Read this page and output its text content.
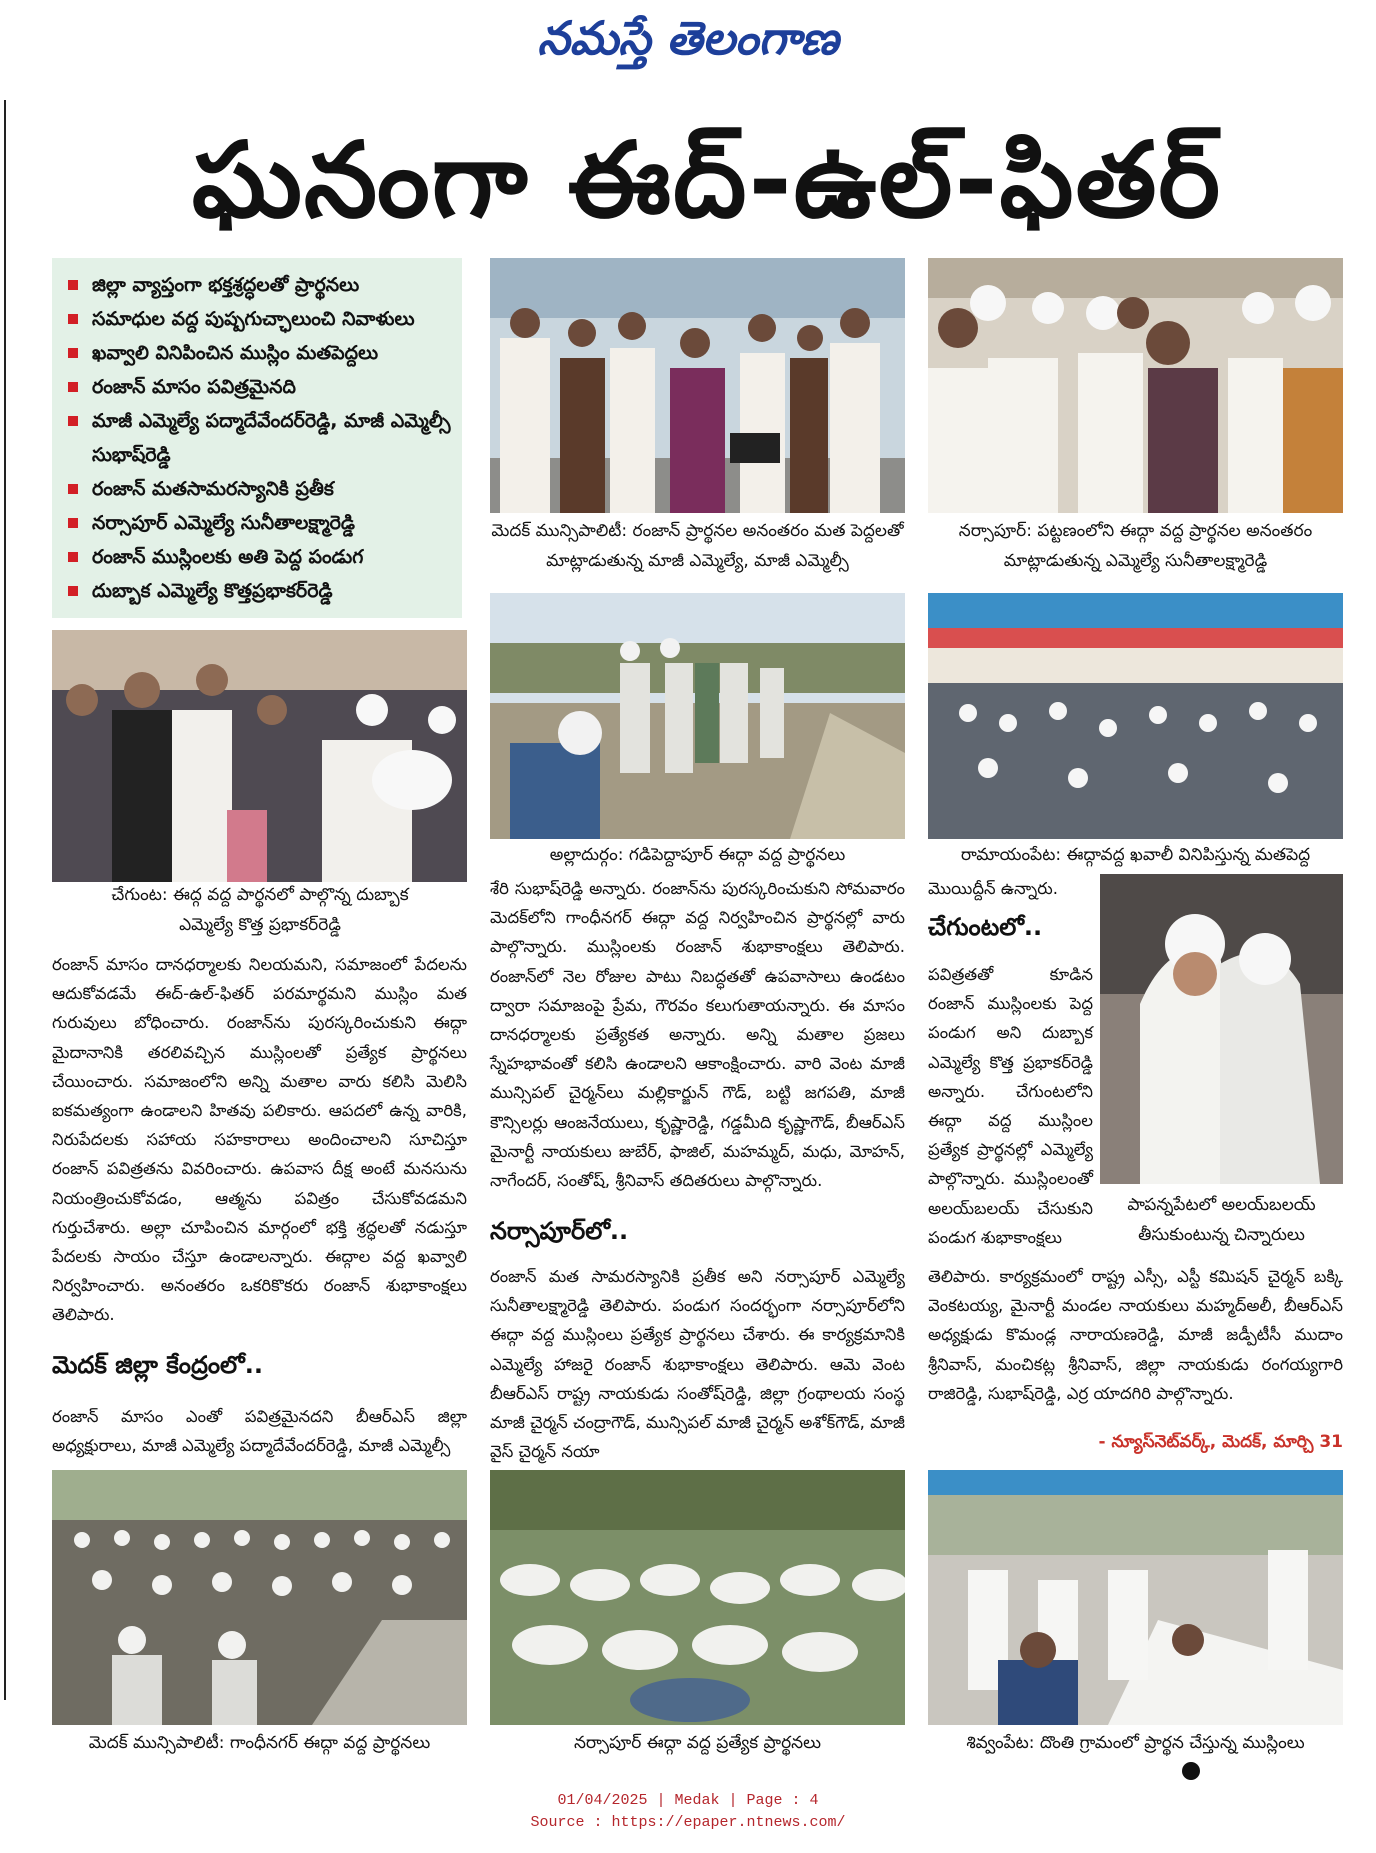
నమస్తే తెలంగాణ
ఘనంగా ఈద్-ఉల్-ఫితర్
జిల్లా వ్యాప్తంగా భక్తశ్రద్ధలతో ప్రార్థనలు
సమాధుల వద్ద పుష్పగుచ్ఛాలుంచి నివాళులు
ఖవ్వాలి వినిపించిన ముస్లిం మతపెద్దలు
రంజాన్ మాసం పవిత్రమైనది
మాజీ ఎమ్మెల్యే పద్మాదేవేందర్‌రెడ్డి, మాజీ ఎమ్మెల్సీ సుభాష్‌రెడ్డి
రంజాన్ మతసామరస్యానికి ప్రతీక
నర్సాపూర్ ఎమ్మెల్యే సునీతాలక్ష్మారెడ్డి
రంజాన్ ముస్లింలకు అతి పెద్ద పండుగ
దుబ్బాక ఎమ్మెల్యే కొత్తప్రభాకర్‌రెడ్డి
మెదక్ మున్సిపాలిటీ: రంజాన్ ప్రార్థనల అనంతరం మత పెద్దలతో మాట్లాడుతున్న మాజీ ఎమ్మెల్యే, మాజీ ఎమ్మెల్సీ
నర్సాపూర్: పట్టణంలోని ఈద్గా వద్ద ప్రార్థనల అనంతరం మాట్లాడుతున్న ఎమ్మెల్యే సునీతాలక్ష్మారెడ్డి
చేగుంట: ఈద్గ వద్ద పార్థనలో పాల్గొన్న దుబ్బాక ఎమ్మెల్యే కొత్త ప్రభాకర్‌రెడ్డి
అల్లాదుర్గం: గడిపెద్దాపూర్ ఈద్గా వద్ద ప్రార్థనలు	రామాయంపేట: ఈద్గావద్ద ఖవాలీ వినిపిస్తున్న మతపెద్ద
రంజాన్ మాసం దానధర్మాలకు నిలయమని, సమాజంలో పేదలను ఆదుకోవడమే ఈద్-ఉల్-ఫితర్ పరమార్థమని ముస్లిం మత గురువులు బోధించారు. రంజాన్‌ను పురస్కరించుకుని ఈద్గా మైదానానికి తరలివచ్చిన ముస్లింలతో ప్రత్యేక ప్రార్థనలు చేయించారు. సమాజంలోని అన్ని మతాల వారు కలిసి మెలిసి ఐకమత్యంగా ఉండాలని హితవు పలికారు. ఆపదలో ఉన్న వారికి, నిరుపేదలకు సహాయ సహకారాలు అందించాలని సూచిస్తూ రంజాన్ పవిత్రతను వివరించారు. ఉపవాస దీక్ష అంటే మనసును నియంత్రించుకోవడం, ఆత్మను పవిత్రం చేసుకోవడమని గుర్తుచేశారు. అల్లా చూపించిన మార్గంలో భక్తి శ్రద్ధలతో నడుస్తూ పేదలకు సాయం చేస్తూ ఉండాలన్నారు. ఈద్గాల వద్ద ఖవ్వాలి నిర్వహించారు. అనంతరం ఒకరికొకరు రంజాన్ శుభాకాంక్షలు తెలిపారు.
మెదక్ జిల్లా కేంద్రంలో..
రంజాన్ మాసం ఎంతో పవిత్రమైనదని బీఆర్‌ఎస్ జిల్లా అధ్యక్షురాలు, మాజీ ఎమ్మెల్యే పద్మాదేవేందర్‌రెడ్డి, మాజీ ఎమ్మెల్సీ
శేరి సుభాష్‌రెడ్డి అన్నారు. రంజాన్‌ను పురస్కరించుకుని సోమవారం మెదక్‌లోని గాంధీనగర్ ఈద్గా వద్ద నిర్వహించిన ప్రార్థనల్లో వారు పాల్గొన్నారు. ముస్లింలకు రంజాన్ శుభాకాంక్షలు తెలిపారు. రంజాన్‌లో నెల రోజుల పాటు నిబద్ధతతో ఉపవాసాలు ఉండటం ద్వారా సమాజంపై ప్రేమ, గౌరవం కలుగుతాయన్నారు. ఈ మాసం దానధర్మాలకు ప్రత్యేకత అన్నారు. అన్ని మతాల ప్రజలు స్నేహభావంతో కలిసి ఉండాలని ఆకాంక్షించారు. వారి వెంట మాజీ మున్సిపల్ చైర్మన్‌లు మల్లికార్జున్ గౌడ్, బట్టి జగపతి, మాజీ కౌన్సిలర్లు ఆంజనేయులు, కృష్ణారెడ్డి, గడ్డమీది కృష్ణాగౌడ్, బీఆర్‌ఎస్ మైనార్టీ నాయకులు జుబేర్, ఫాజిల్, మహమ్మద్, మధు, మోహన్, నాగేందర్, సంతోష్, శ్రీనివాస్ తదితరులు పాల్గొన్నారు.
నర్సాపూర్‌లో..
రంజాన్ మత సామరస్యానికి ప్రతీక అని నర్సాపూర్ ఎమ్మెల్యే సునీతాలక్ష్మారెడ్డి తెలిపారు. పండుగ సందర్భంగా నర్సాపూర్‌లోని ఈద్గా వద్ద ముస్లింలు ప్రత్యేక ప్రార్థనలు చేశారు. ఈ కార్యక్రమానికి ఎమ్మెల్యే హాజరై రంజాన్ శుభాకాంక్షలు తెలిపారు. ఆమె వెంట బీఆర్‌ఎస్ రాష్ట్ర నాయకుడు సంతోష్‌రెడ్డి, జిల్లా గ్రంథాలయ సంస్థ మాజీ చైర్మన్ చంద్రాగౌడ్, మున్సిపల్ మాజీ చైర్మన్ అశోక్‌గౌడ్, మాజీ వైస్ చైర్మన్ నయా
మొయిద్దీన్ ఉన్నారు.
చేగుంటలో..
పవిత్రతతో కూడిన రంజాన్ ముస్లింలకు పెద్ద పండుగ అని దుబ్బాక ఎమ్మెల్యే కొత్త ప్రభాకర్‌రెడ్డి అన్నారు. చేగుంటలోని ఈద్గా వద్ద ముస్లింల ప్రత్యేక ప్రార్థనల్లో ఎమ్మెల్యే పాల్గొన్నారు. ముస్లింలంతో అలయ్‌బలయ్ చేసుకుని పండుగ శుభాకాంక్షలు
పాపన్నపేటలో అలయ్‌బలయ్ తీసుకుంటున్న చిన్నారులు
తెలిపారు. కార్యక్రమంలో రాష్ట్ర ఎస్సీ, ఎస్టీ కమిషన్ చైర్మన్ బక్కి వెంకటయ్య, మైనార్టీ మండల నాయకులు మహ్మద్‌అలీ, బీఆర్‌ఎస్ అధ్యక్షుడు కొమండ్ల నారాయణరెడ్డి, మాజీ జడ్పీటీసీ ముదాం శ్రీనివాస్, మంచికట్ల శ్రీనివాస్, జిల్లా నాయకుడు రంగయ్యగారి రాజిరెడ్డి, సుభాష్‌రెడ్డి, ఎర్ర యాదగిరి పాల్గొన్నారు.
- న్యూస్‌నెట్‌వర్క్, మెదక్, మార్చి 31
మెదక్ మున్సిపాలిటీ: గాంధీనగర్ ఈద్గా వద్ద ప్రార్థనలు	నర్సాపూర్ ఈద్గా వద్ద ప్రత్యేక ప్రార్థనలు	శివ్వంపేట: దొంతి గ్రామంలో ప్రార్థన చేస్తున్న ముస్లింలు
01/04/2025 | Medak | Page : 4
Source : https://epaper.ntnews.com/
